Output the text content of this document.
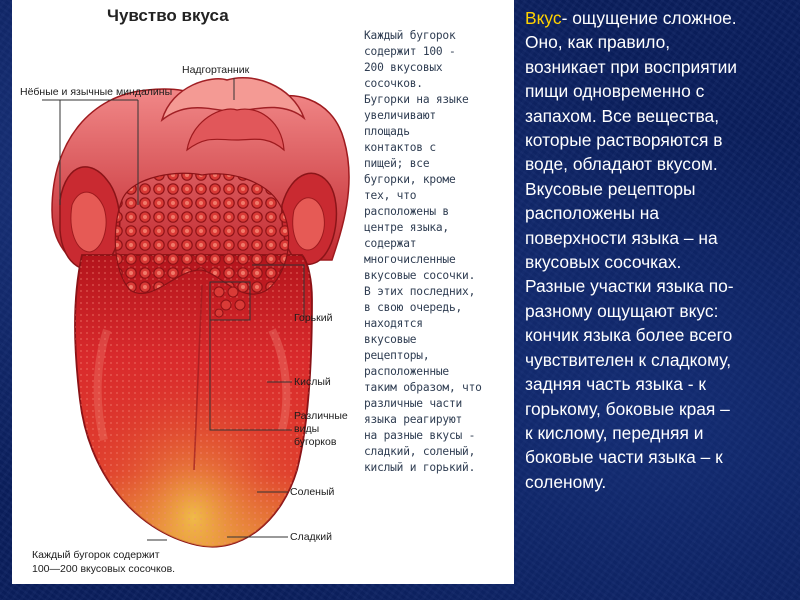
Чувство вкуса
Каждый бугорок
содержит 100 -
200 вкусовых
сосочков.
Бугорки на языке
увеличивают
площадь
контактов с
пищей; все
бугорки, кроме
тех, что
расположены в
центре языка,
содержат
многочисленные
вкусовые сосочки.
В этих последних,
в свою очередь,
находятся
вкусовые
рецепторы,
расположенные
таким образом, что
различные части
языка реагируют
на разные вкусы -
сладкий, соленый,
кислый и горький.
Надгортанник
Нёбные и язычные миндалины
Горький
Кислый
Различные
виды
бугорков
Соленый
Сладкий
Каждый бугорок содержит
100—200 вкусовых сосочков.
Вкус- ощущение сложное.
Оно, как правило,
возникает при восприятии
пищи одновременно с
запахом. Все вещества,
которые растворяются в
воде, обладают вкусом.
Вкусовые рецепторы
расположены на
поверхности языка – на
вкусовых сосочках.
Разные участки языка по-
разному ощущают вкус:
кончик языка более всего
чувствителен к сладкому,
задняя часть языка - к
горькому, боковые края –
к кислому, передняя и
боковые части языка – к
соленому.
